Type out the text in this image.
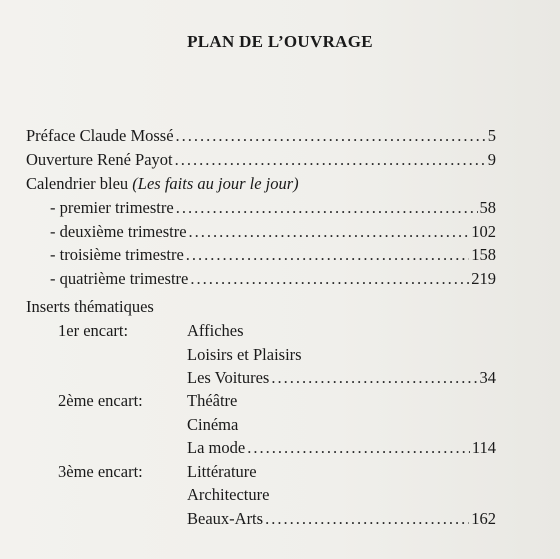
PLAN DE L’OUVRAGE
Préface Claude Mossé .....	5
Ouverture René Payot .....	9
Calendrier bleu (Les faits au jour le jour)
- premier trimestre .....	58
- deuxième trimestre .....	102
- troisième trimestre .....	158
- quatrième trimestre .....	219
Inserts thématiques
1er encart:	Affiches
Loisirs et Plaisirs
Les Voitures .....	34
2ème encart:	Théâtre
Cinéma
La mode .....	114
3ème encart:	Littérature
Architecture
Beaux-Arts .....	162
